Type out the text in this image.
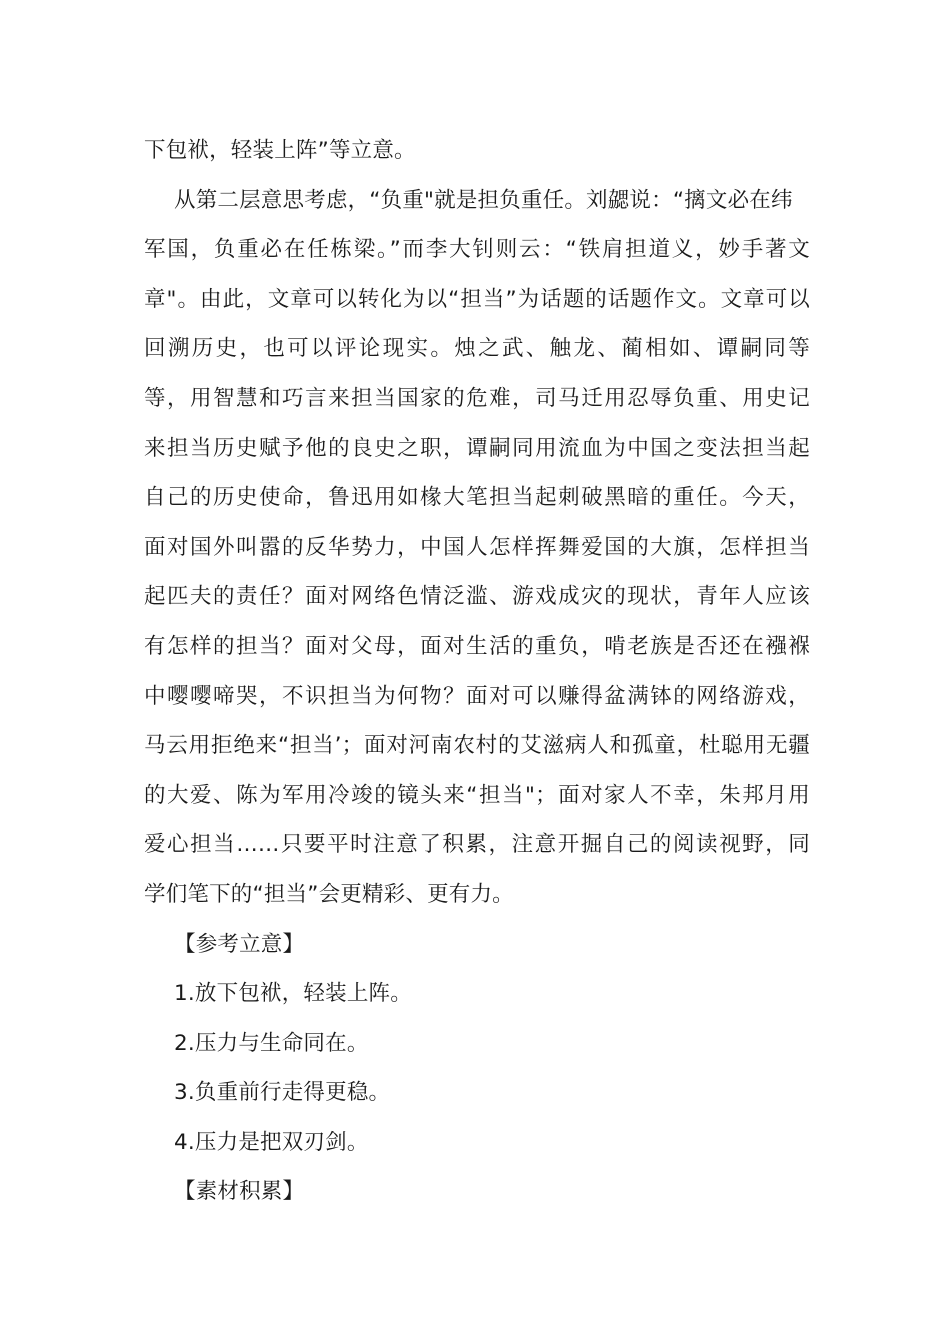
下包袱，轻装上阵”等立意。
从第二层意思考虑，“负重"就是担负重任。刘勰说：“摛文必在纬
军国，负重必在任栋梁。”而李大钊则云：“铁肩担道义，妙手著文
章"。由此，文章可以转化为以“担当”为话题的话题作文。文章可以
回溯历史，也可以评论现实。烛之武、触龙、蔺相如、谭嗣同等
等，用智慧和巧言来担当国家的危难，司马迁用忍辱负重、用史记
来担当历史赋予他的良史之职，谭嗣同用流血为中国之变法担当起
自己的历史使命，鲁迅用如椽大笔担当起刺破黑暗的重任。今天，
面对国外叫嚣的反华势力，中国人怎样挥舞爱国的大旗，怎样担当
起匹夫的责任？面对网络色情泛滥、游戏成灾的现状，青年人应该
有怎样的担当？面对父母，面对生活的重负，啃老族是否还在襁褓
中嘤嘤啼哭，不识担当为何物？面对可以赚得盆满钵的网络游戏，
马云用拒绝来“担当’；面对河南农村的艾滋病人和孤童，杜聪用无疆
的大爱、陈为军用冷竣的镜头来“担当"；面对家人不幸，朱邦月用
爱心担当……只要平时注意了积累，注意开掘自己的阅读视野，同
学们笔下的“担当”会更精彩、更有力。
【参考立意】
1.放下包袱，轻装上阵。
2.压力与生命同在。
3.负重前行走得更稳。
4.压力是把双刃剑。
【素材积累】
